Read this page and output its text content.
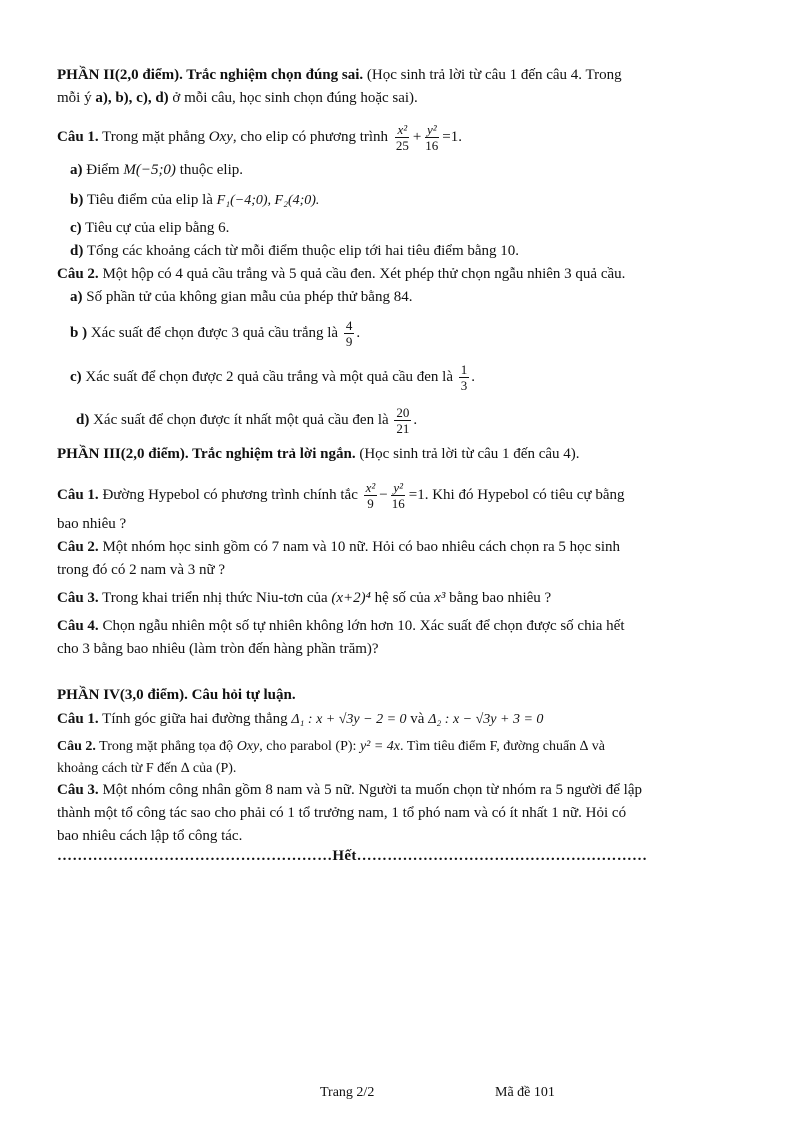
PHẦN II(2,0 điểm). Trắc nghiệm chọn đúng sai. (Học sinh trả lời từ câu 1 đến câu 4. Trong
mỗi ý a), b), c), d) ở mỗi câu, học sinh chọn đúng hoặc sai).
Câu 1. Trong mặt phẳng Oxy, cho elip có phương trình $\frac{\text{x²}}{25} + \frac{\text{y²}}{16} =1$.
a) Điểm M(−5;0) thuộc elip.
b) Tiêu điểm của elip là F₁(−4;0), F₂(4;0).
c) Tiêu cự của elip bằng 6.
d) Tổng các khoảng cách từ mỗi điểm thuộc elip tới hai tiêu điểm bằng 10.
Câu 2. Một hộp có 4 quả cầu trắng và 5 quả cầu đen. Xét phép thử chọn ngẫu nhiên 3 quả cầu.
a) Số phần tử của không gian mẫu của phép thử bằng 84.
b ) Xác suất để chọn được 3 quả cầu trắng là $\frac{4}{9}$ .
c) Xác suất để chọn được 2 quả cầu trắng và một quả cầu đen là $\frac{1}{3}$ .
d) Xác suất để chọn được ít nhất một quả cầu đen là $\frac{20}{21}$ .
PHẦN III(2,0 điểm). Trắc nghiệm trả lời ngắn. (Học sinh trả lời từ câu 1 đến câu 4).
Câu 1. Đường Hypebol có phương trình chính tắc $\frac{\text{x²}}{9} - \frac{\text{y²}}{16} =1$. Khi đó Hypebol có tiêu cự bằng
bao nhiêu ?
Câu 2. Một nhóm học sinh gồm có 7 nam và 10 nữ. Hỏi có bao nhiêu cách chọn ra 5 học sinh
trong đó có 2 nam và 3 nữ ?
Câu 3. Trong khai triển nhị thức Niu-tơn của (x+2)⁴ hệ số của x³ bằng bao nhiêu ?
Câu 4. Chọn ngẫu nhiên một số tự nhiên không lớn hơn 10. Xác suất để chọn được số chia hết
cho 3 bằng bao nhiêu (làm tròn đến hàng phần trăm)?
PHẦN IV(3,0 điểm). Câu hỏi tự luận.
Câu 1. Tính góc giữa hai đường thẳng Δ₁ : x + √3y − 2 = 0 và Δ₂ : x − √3y + 3 = 0
Câu 2. Trong mặt phẳng tọa độ Oxy, cho parabol (P): y² = 4x. Tìm tiêu điểm F, đường chuẩn ∆ và
khoảng cách từ F đến ∆ của (P).
Câu 3. Một nhóm công nhân gồm 8 nam và 5 nữ. Người ta muốn chọn từ nhóm ra 5 người để lập
thành một tổ công tác sao cho phải có 1 tổ trưởng nam, 1 tổ phó nam và có ít nhất 1 nữ. Hỏi có
bao nhiêu cách lập tổ công tác.
………………………………………………Hết…………………………………………………
Trang 2/2	Mã đề 101
